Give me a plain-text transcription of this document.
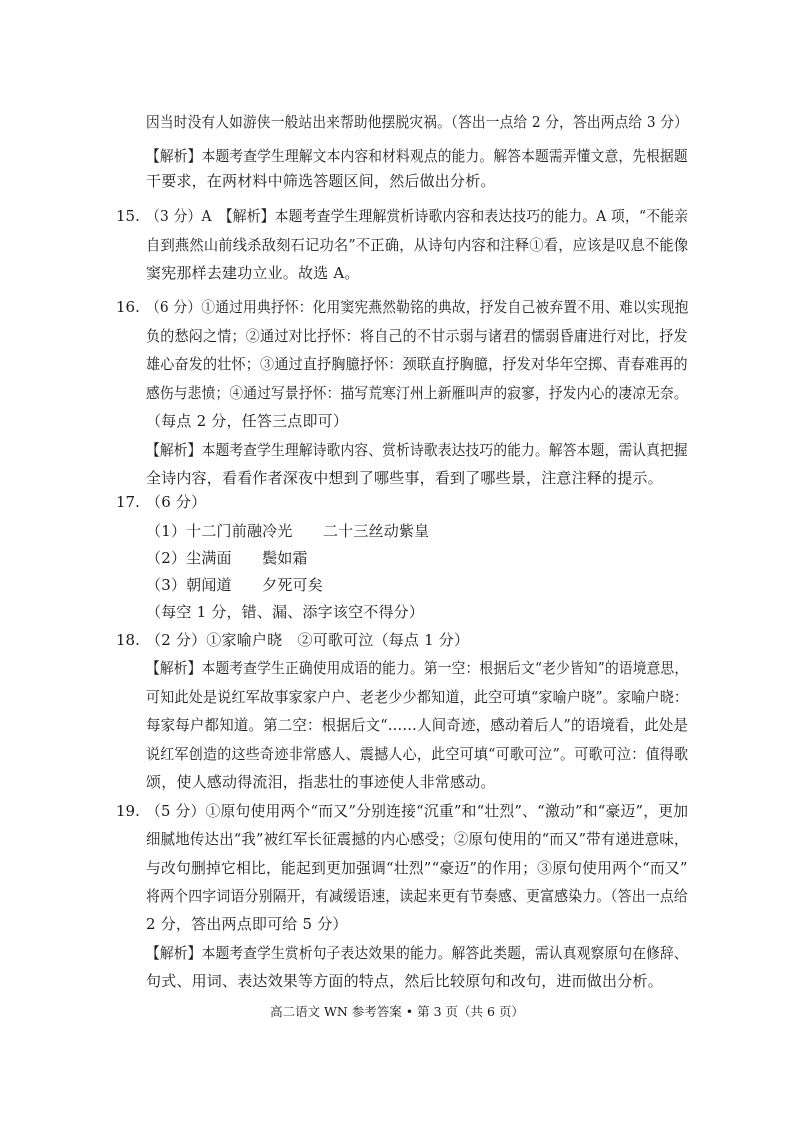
15.
16.
17.
18.
19.
因当时没有人如游侠一般站出来帮助他摆脱灾祸。（答出一点给 2 分，答出两点给 3 分）
【解析】本题考查学生理解文本内容和材料观点的能力。解答本题需弄懂文意，先根据题
干要求，在两材料中筛选答题区间，然后做出分析。
（3 分）A　【解析】本题考查学生理解赏析诗歌内容和表达技巧的能力。A 项，“不能亲
自到燕然山前线杀敌刻石记功名”不正确，从诗句内容和注释①看，应该是叹息不能像
窦宪那样去建功立业。故选 A。
（6 分）①通过用典抒怀：化用窦宪燕然勒铭的典故，抒发自己被弃置不用、难以实现抱
负的愁闷之情；②通过对比抒怀：将自己的不甘示弱与诸君的懦弱昏庸进行对比，抒发
雄心奋发的壮怀；③通过直抒胸臆抒怀：颈联直抒胸臆，抒发对华年空掷、青春难再的
感伤与悲愤；④通过写景抒怀：描写荒寒汀州上新雁叫声的寂寥，抒发内心的凄凉无奈。
（每点 2 分，任答三点即可）
【解析】本题考查学生理解诗歌内容、赏析诗歌表达技巧的能力。解答本题，需认真把握
全诗内容，看看作者深夜中想到了哪些事，看到了哪些景，注意注释的提示。
（6 分）
（1）十二门前融冷光　　二十三丝动紫皇
（2）尘满面　　鬓如霜
（3）朝闻道　　夕死可矣
（每空 1 分，错、漏、添字该空不得分）
（2 分）①家喻户晓　②可歌可泣（每点 1 分）
【解析】本题考查学生正确使用成语的能力。第一空：根据后文“老少皆知”的语境意思，
可知此处是说红军故事家家户户、老老少少都知道，此空可填“家喻户晓”。家喻户晓：
每家每户都知道。第二空：根据后文“……人间奇迹，感动着后人”的语境看，此处是
说红军创造的这些奇迹非常感人、震撼人心，此空可填“可歌可泣”。可歌可泣：值得歌
颂，使人感动得流泪，指悲壮的事迹使人非常感动。
（5 分）①原句使用两个“而又”分别连接“沉重”和“壮烈”、“激动”和“豪迈”，更加
细腻地传达出“我”被红军长征震撼的内心感受；②原句使用的“而又”带有递进意味，
与改句删掉它相比，能起到更加强调“壮烈”“豪迈”的作用；③原句使用两个“而又”
将两个四字词语分别隔开，有减缓语速，读起来更有节奏感、更富感染力。（答出一点给
2 分，答出两点即可给 5 分）
【解析】本题考查学生赏析句子表达效果的能力。解答此类题，需认真观察原句在修辞、
句式、用词、表达效果等方面的特点，然后比较原句和改句，进而做出分析。
高二语文 WN 参考答案 • 第 3 页（共 6 页）
